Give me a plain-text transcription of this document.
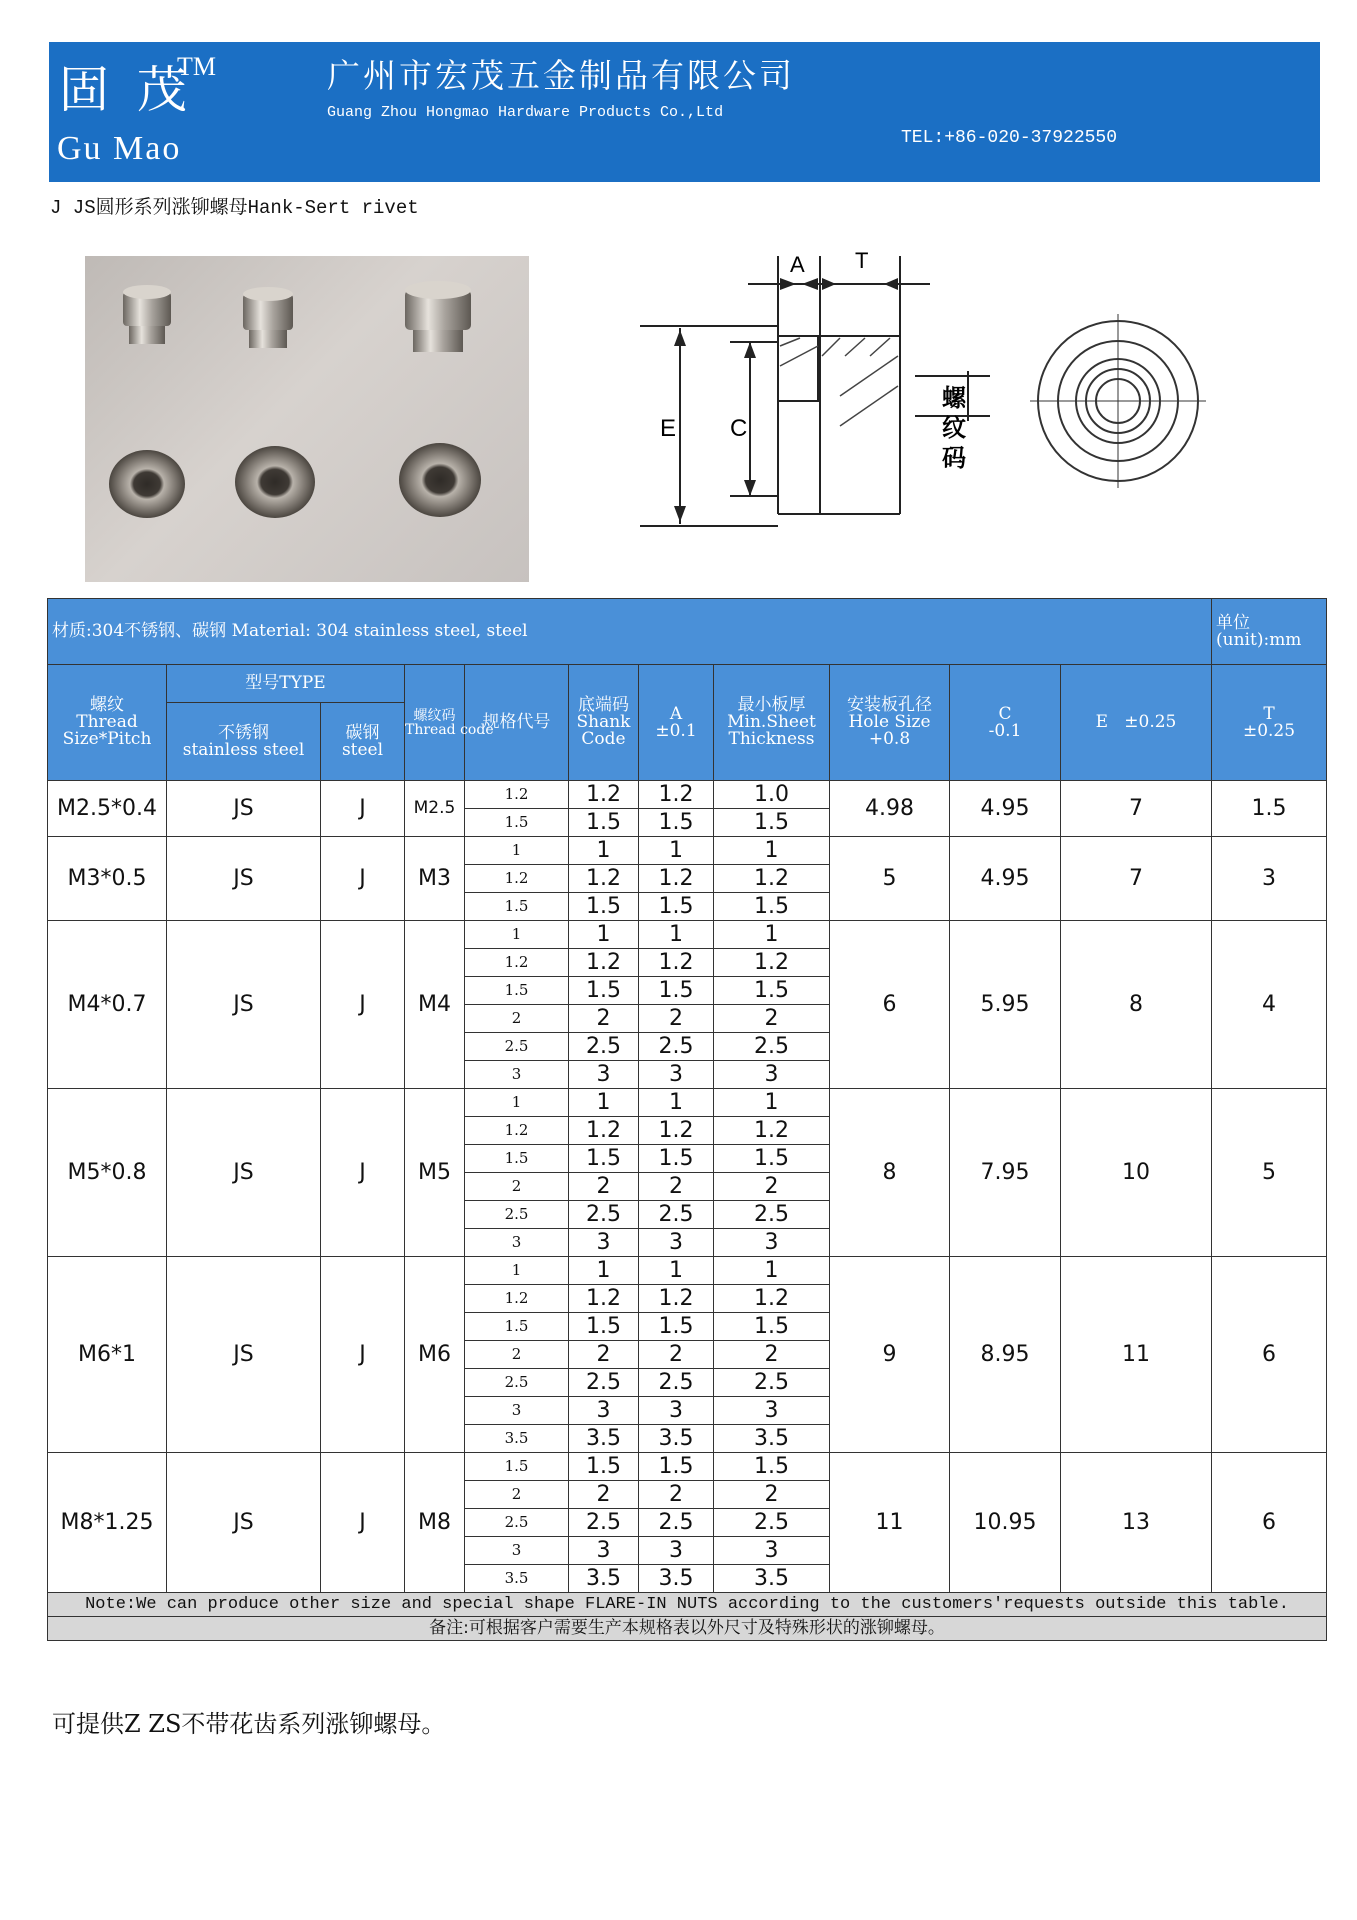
固 茂
TM
Gu Mao
广州市宏茂五金制品有限公司
Guang Zhou Hongmao Hardware Products Co.,Ltd
TEL:+86-020-37922550
J JS圆形系列涨铆螺母Hank-Sert rivet
A T
E C
螺
纹
码
材质:304不锈钢、碳钢 Material: 304 stainless steel, steel											单位
(unit):mm
螺纹
Thread
Size*Pitch	型号TYPE		螺纹码
Thread code	规格代号	底端码
Shank
Code	A
±0.1	最小板厚
Min.Sheet
Thickness	安装板孔径
Hole Size
+0.8	C
-0.1	E   ±0.25	T
±0.25
	不锈钢
stainless steel	碳钢
steel									
M2.5*0.4	JS	J	M2.5	1.2	1.2	1.2	1.0	4.98	4.95	7	1.5
				1.5	1.5	1.5	1.5				
M3*0.5	JS	J	M3	1	1	1	1	5	4.95	7	3
				1.2	1.2	1.2	1.2				
				1.5	1.5	1.5	1.5				
M4*0.7	JS	J	M4	1	1	1	1	6	5.95	8	4
				1.2	1.2	1.2	1.2				
				1.5	1.5	1.5	1.5				
				2	2	2	2				
				2.5	2.5	2.5	2.5				
				3	3	3	3				
M5*0.8	JS	J	M5	1	1	1	1	8	7.95	10	5
				1.2	1.2	1.2	1.2				
				1.5	1.5	1.5	1.5				
				2	2	2	2				
				2.5	2.5	2.5	2.5				
				3	3	3	3				
M6*1	JS	J	M6	1	1	1	1	9	8.95	11	6
				1.2	1.2	1.2	1.2				
				1.5	1.5	1.5	1.5				
				2	2	2	2				
				2.5	2.5	2.5	2.5				
				3	3	3	3				
				3.5	3.5	3.5	3.5				
M8*1.25	JS	J	M8	1.5	1.5	1.5	1.5	11	10.95	13	6
				2	2	2	2				
				2.5	2.5	2.5	2.5				
				3	3	3	3				
				3.5	3.5	3.5	3.5				
Note:We can produce other size and special shape FLARE-IN NUTS according to the customers'requests outside this table.											
备注:可根据客户需要生产本规格表以外尺寸及特殊形状的涨铆螺母。											
可提供Z ZS不带花齿系列涨铆螺母。
